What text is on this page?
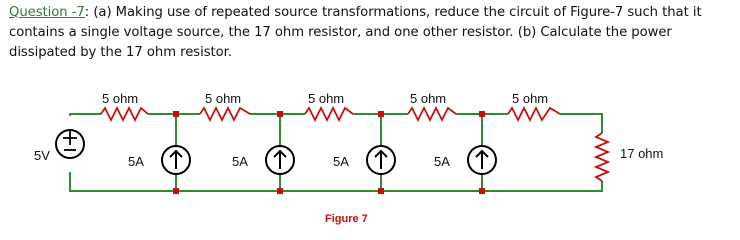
Question -7: (a) Making use of repeated source transformations, reduce the circuit of Figure-7 such that it contains a single voltage source, the 17 ohm resistor, and one other resistor. (b) Calculate the power dissipated by the 17 ohm resistor.
5 ohm	5 ohm	5 ohm	5 ohm	5 ohm
5V	5A	5A	5A	5A
17 ohm
Figure 7
